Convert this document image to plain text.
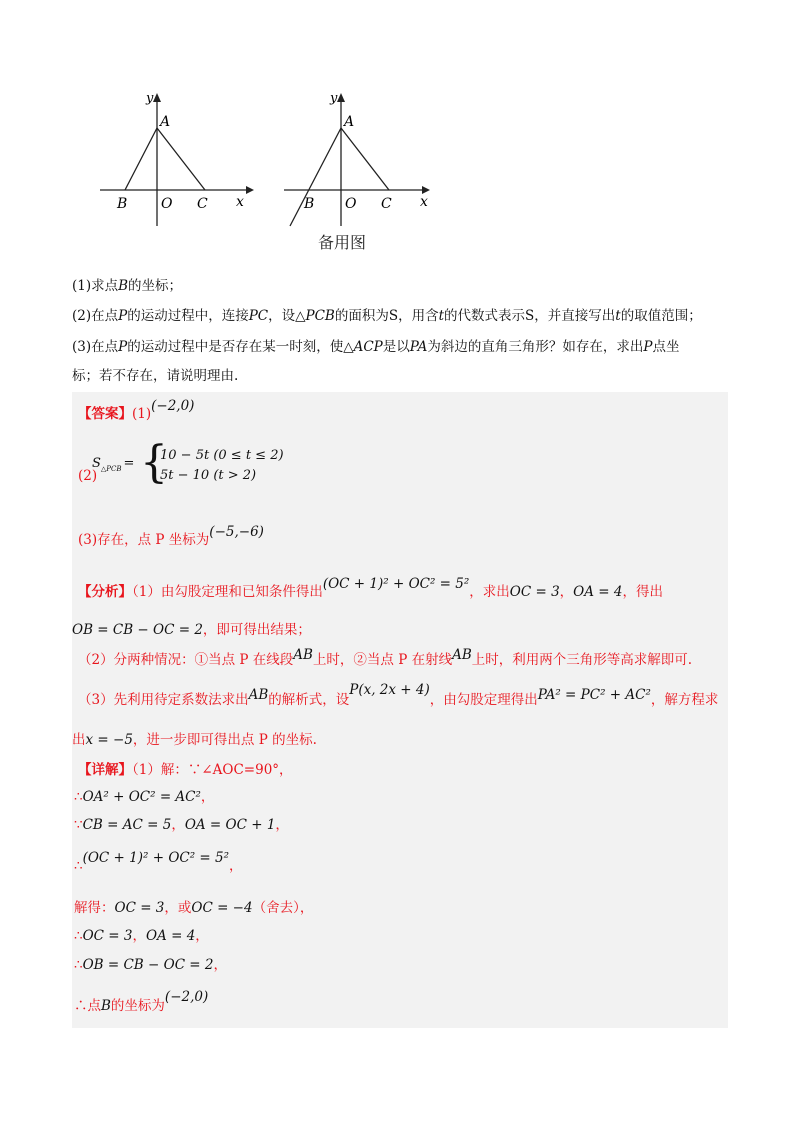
y
A
B O C x
y
A
B O C x
备用图
(1)求点B的坐标；
(2)在点P的运动过程中，连接PC，设△PCB的面积为S，用含t的代数式表示S，并直接写出t的取值范围；
(3)在点P的运动过程中是否存在某一时刻，使△ACP是以PA为斜边的直角三角形？如存在，求出P点坐
标；若不存在，请说明理由.
【答案】(1)(−2,0)
(2)
$S_{\triangle PCB}$ = {
10 − 5t (0 ≤ t ≤ 2)
5t − 10 (t > 2)
(3)存在，点 P 坐标为(−5,−6)
【分析】（1）由勾股定理和已知条件得出(OC + 1)² + OC² = 5²，求出OC = 3，OA = 4，得出
OB = CB − OC = 2，即可得出结果；
（2）分两种情况：①当点 P 在线段AB上时，②当点 P 在射线AB上时，利用两个三角形等高求解即可.
（3）先利用待定系数法求出AB的解析式，设P(x, 2x + 4)，由勾股定理得出PA² = PC² + AC²，解方程求
出x = −5，进一步即可得出点 P 的坐标.
【详解】（1）解：∵∠AOC=90°，
∴OA² + OC² = AC²，
∵CB = AC = 5，OA = OC + 1，
∴(OC + 1)² + OC² = 5²，
解得：OC = 3，或OC = −4（舍去），
∴OC = 3，OA = 4，
∴OB = CB − OC = 2，
∴点B的坐标为(−2,0)
